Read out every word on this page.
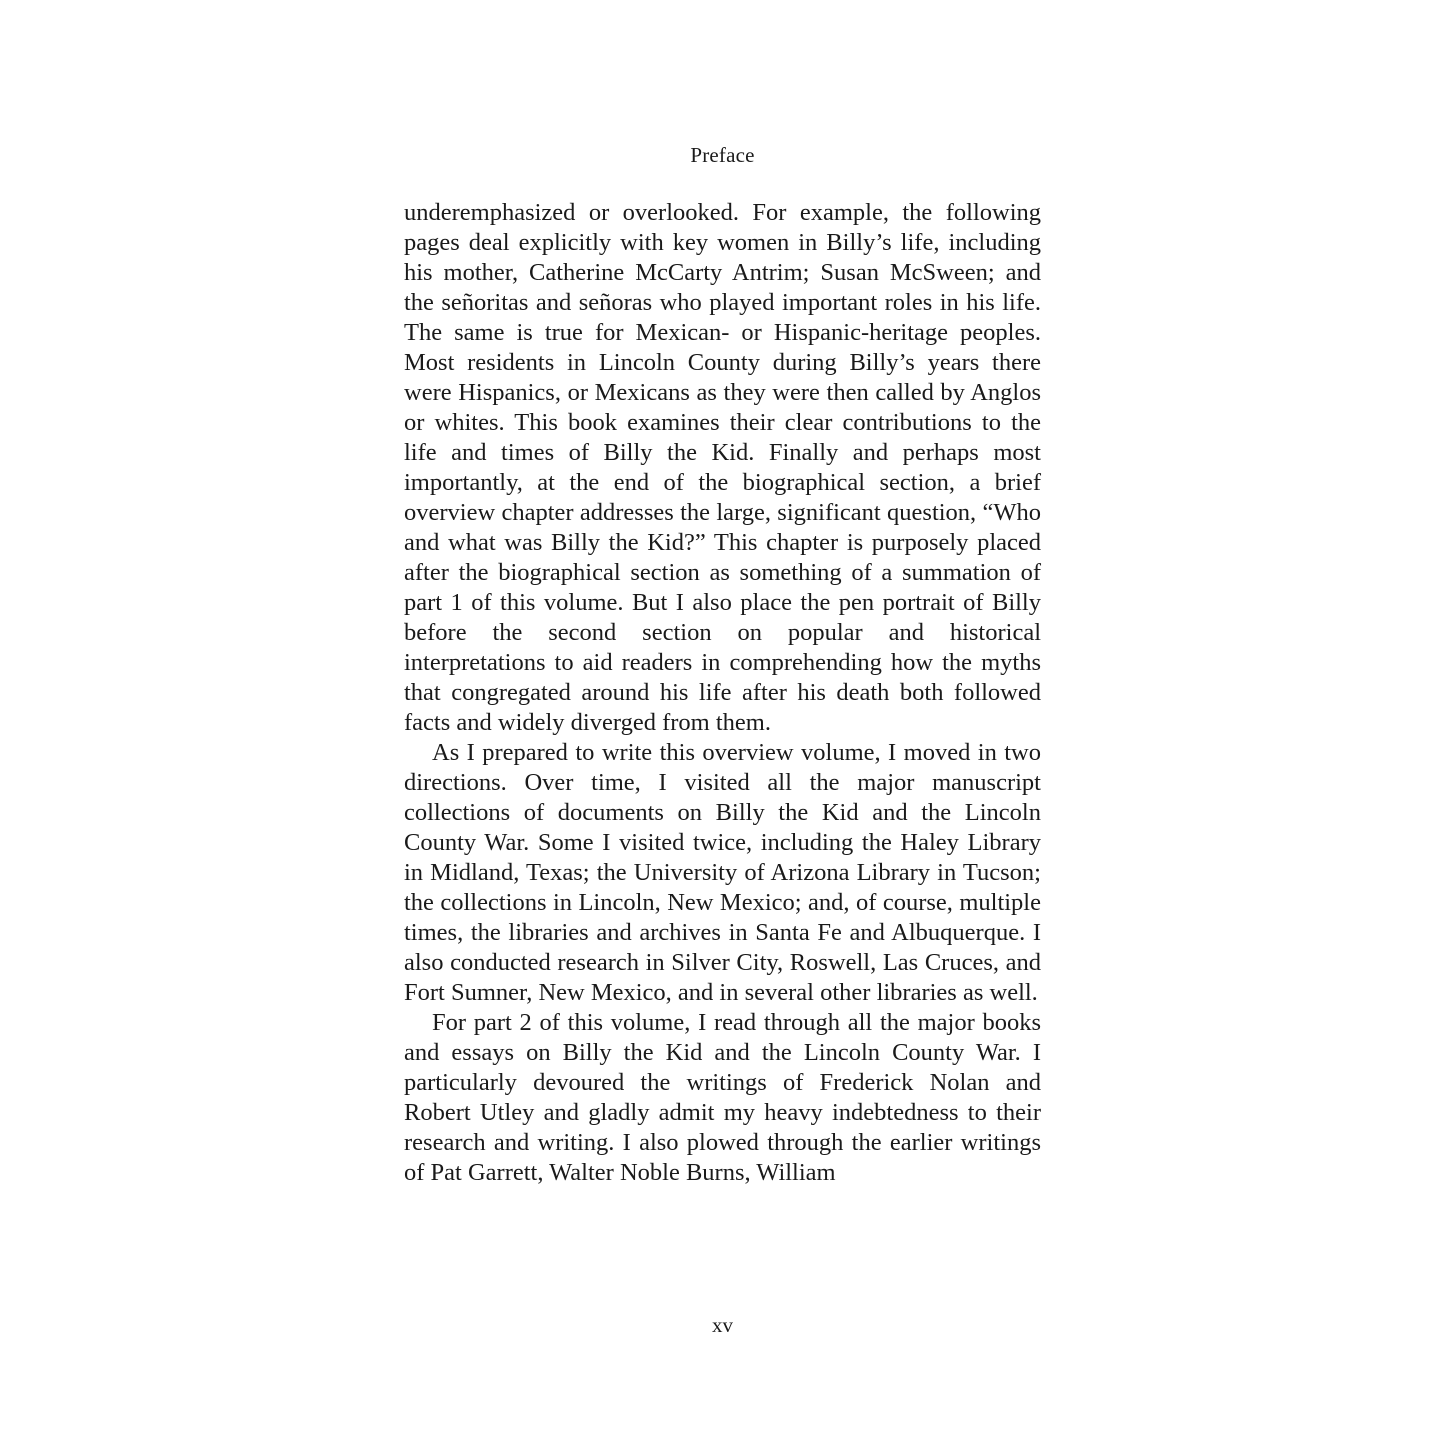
Preface

underemphasized or overlooked. For example, the following pages deal explicitly with key women in Billy’s life, including his mother, Catherine McCarty Antrim; Susan McSween; and the señoritas and señoras who played important roles in his life. The same is true for Mexican- or Hispanic-heritage peoples. Most residents in Lincoln County during Billy’s years there were Hispanics, or Mexicans as they were then called by Anglos or whites. This book examines their clear contributions to the life and times of Billy the Kid. Finally and perhaps most importantly, at the end of the biographical section, a brief overview chapter addresses the large, significant question, “Who and what was Billy the Kid?” This chapter is purposely placed after the biographical section as something of a summation of part 1 of this volume. But I also place the pen portrait of Billy before the second section on popular and historical interpretations to aid readers in comprehending how the myths that congregated around his life after his death both followed facts and widely diverged from them.

As I prepared to write this overview volume, I moved in two directions. Over time, I visited all the major manuscript collections of documents on Billy the Kid and the Lincoln County War. Some I visited twice, including the Haley Library in Midland, Texas; the University of Arizona Library in Tucson; the collections in Lincoln, New Mexico; and, of course, multiple times, the libraries and archives in Santa Fe and Albuquerque. I also conducted research in Silver City, Roswell, Las Cruces, and Fort Sumner, New Mexico, and in several other libraries as well.

For part 2 of this volume, I read through all the major books and essays on Billy the Kid and the Lincoln County War. I particularly devoured the writings of Frederick Nolan and Robert Utley and gladly admit my heavy indebtedness to their research and writing. I also plowed through the earlier writings of Pat Garrett, Walter Noble Burns, William

xv
